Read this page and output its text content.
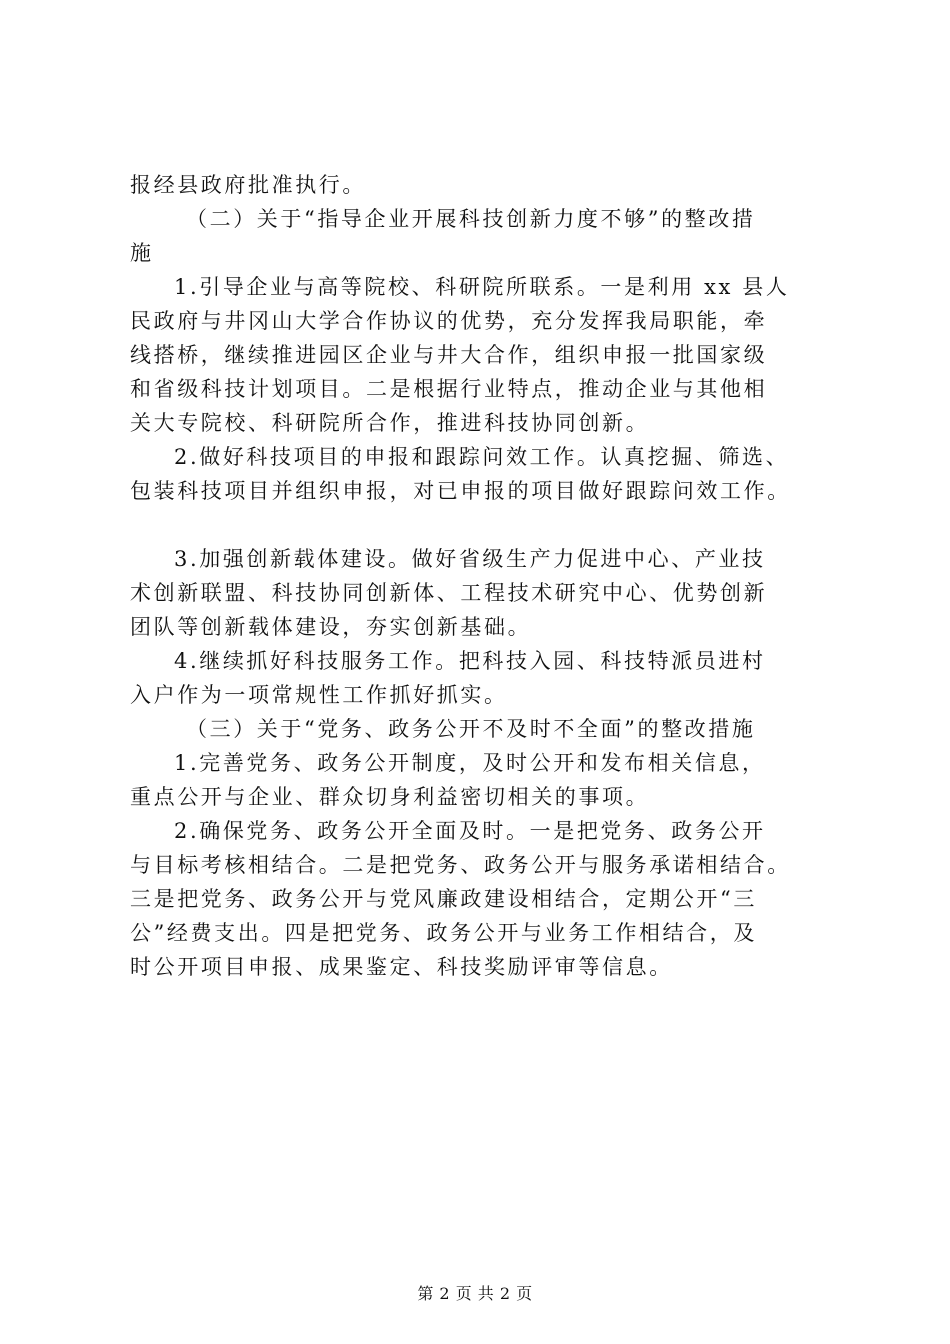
报经县政府批准执行。
（二）关于“指导企业开展科技创新力度不够”的整改措
施
1.引导企业与高等院校、科研院所联系。一是利用 xx 县人
民政府与井冈山大学合作协议的优势，充分发挥我局职能，牵
线搭桥，继续推进园区企业与井大合作，组织申报一批国家级
和省级科技计划项目。二是根据行业特点，推动企业与其他相
关大专院校、科研院所合作，推进科技协同创新。
2.做好科技项目的申报和跟踪问效工作。认真挖掘、筛选、
包装科技项目并组织申报，对已申报的项目做好跟踪问效工作。
3.加强创新载体建设。做好省级生产力促进中心、产业技
术创新联盟、科技协同创新体、工程技术研究中心、优势创新
团队等创新载体建设，夯实创新基础。
4.继续抓好科技服务工作。把科技入园、科技特派员进村
入户作为一项常规性工作抓好抓实。
（三）关于“党务、政务公开不及时不全面”的整改措施
1.完善党务、政务公开制度，及时公开和发布相关信息，
重点公开与企业、群众切身利益密切相关的事项。
2.确保党务、政务公开全面及时。一是把党务、政务公开
与目标考核相结合。二是把党务、政务公开与服务承诺相结合。
三是把党务、政务公开与党风廉政建设相结合，定期公开“三
公”经费支出。四是把党务、政务公开与业务工作相结合，及
时公开项目申报、成果鉴定、科技奖励评审等信息。
第 2 页 共 2 页
